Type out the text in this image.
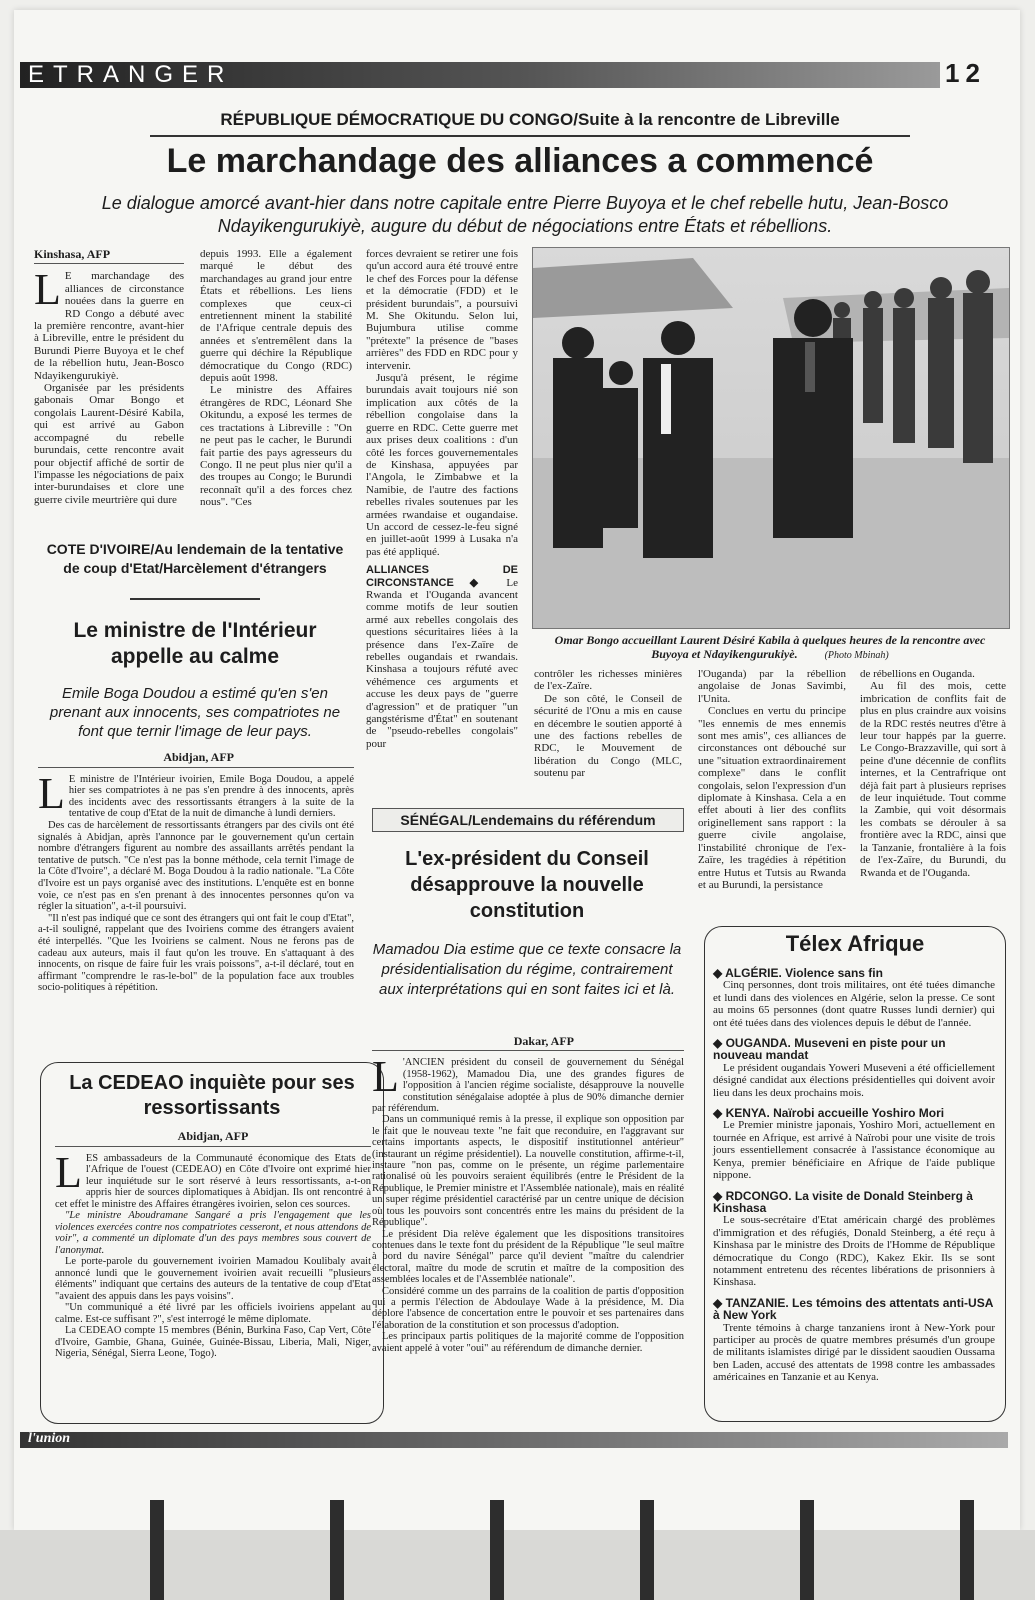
ETRANGER	12
RÉPUBLIQUE DÉMOCRATIQUE DU CONGO/Suite à la rencontre de Libreville
Le marchandage des alliances a commencé
Le dialogue amorcé avant-hier dans notre capitale entre Pierre Buyoya et le chef rebelle hutu, Jean-Bosco Ndayikengurukiyè, augure du début de négociations entre États et rébellions.
Kinshasa, AFP
L E marchandage des alliances de circonstance nouées dans la guerre en RD Congo a débuté avec la première rencontre, avant-hier à Libreville, entre le président du Burundi Pierre Buyoya et le chef de la rébellion hutu, Jean-Bosco Ndayikengurukiyè.

Organisée par les présidents gabonais Omar Bongo et congolais Laurent-Désiré Kabila, qui est arrivé au Gabon accompagné du rebelle burundais, cette rencontre avait pour objectif affiché de sortir de l'impasse les négociations de paix inter-burundaises et clore une guerre civile meurtrière qui dure

depuis 1993. Elle a également marqué le début des marchandages au grand jour entre États et rébellions. Les liens complexes que ceux-ci entretiennent minent la stabilité de l'Afrique centrale depuis des années et s'entremêlent dans la guerre qui déchire la République démocratique du Congo (RDC) depuis août 1998.

Le ministre des Affaires étrangères de RDC, Léonard She Okitundu, a exposé les termes de ces tractations à Libreville : "On ne peut pas le cacher, le Burundi fait partie des pays agresseurs du Congo. Il ne peut plus nier qu'il a des troupes au Congo; le Burundi reconnaît qu'il a des forces chez nous". "Ces

forces devraient se retirer une fois qu'un accord aura été trouvé entre le chef des Forces pour la défense et la démocratie (FDD) et le président burundais", a poursuivi M. She Okitundu. Selon lui, Bujumbura utilise comme "prétexte" la présence de "bases arrières" des FDD en RDC pour y intervenir.

Jusqu'à présent, le régime burundais avait toujours nié son implication aux côtés de la rébellion congolaise dans la guerre en RDC. Cette guerre met aux prises deux coalitions : d'un côté les forces gouvernementales de Kinshasa, appuyées par l'Angola, le Zimbabwe et la Namibie, de l'autre des factions rebelles rivales soutenues par les armées rwandaise et ougandaise. Un accord de cessez-le-feu signé en juillet-août 1999 à Lusaka n'a pas été appliqué.

ALLIANCES DE CIRCONSTANCE ◆ Le Rwanda et l'Ouganda avancent comme motifs de leur soutien armé aux rebelles congolais des questions sécuritaires liées à la présence dans l'ex-Zaïre de rebelles ougandais et rwandais. Kinshasa a toujours réfuté avec véhémence ces arguments et accuse les deux pays de "guerre d'agression" et de pratiquer "un gangstérisme d'État" en soutenant de "pseudo-rebelles congolais" pour

Omar Bongo accueillant Laurent Désiré Kabila à quelques heures de la rencontre avec Buyoya et Ndayikengurukiyè.	(Photo Mbinah)

contrôler les richesses minières de l'ex-Zaïre.

De son côté, le Conseil de sécurité de l'Onu a mis en cause en décembre le soutien apporté à une des factions rebelles de RDC, le Mouvement de libération du Congo (MLC, soutenu par

l'Ouganda) par la rébellion angolaise de Jonas Savimbi, l'Unita.

Conclues en vertu du principe "les ennemis de mes ennemis sont mes amis", ces alliances de circonstances ont débouché sur une "situation extraordinairement complexe" dans le conflit congolais, selon l'expression d'un diplomate à Kinshasa. Cela a en effet abouti à lier des conflits originellement sans rapport : la guerre civile angolaise, l'instabilité chronique de l'ex-Zaïre, les tragédies à répétition entre Hutus et Tutsis au Rwanda et au Burundi, la persistance

de rébellions en Ouganda.

Au fil des mois, cette imbrication de conflits fait de plus en plus craindre aux voisins de la RDC restés neutres d'être à leur tour happés par la guerre. Le Congo-Brazzaville, qui sort à peine d'une décennie de conflits internes, et la Centrafrique ont déjà fait part à plusieurs reprises de leur inquiétude. Tout comme la Zambie, qui voit désormais les combats se dérouler à sa frontière avec la RDC, ainsi que la Tanzanie, frontalière à la fois de l'ex-Zaïre, du Burundi, du Rwanda et de l'Ouganda.

COTE D'IVOIRE/Au lendemain de la tentative de coup d'Etat/Harcèlement d'étrangers
Le ministre de l'Intérieur appelle au calme
Emile Boga Doudou a estimé qu'en s'en prenant aux innocents, ses compatriotes ne font que ternir l'image de leur pays.
Abidjan, AFP
L E ministre de l'Intérieur ivoirien, Emile Boga Doudou, a appelé hier ses compatriotes à ne pas s'en prendre à des innocents, après des incidents avec des ressortissants étrangers à la suite de la tentative de coup d'Etat de la nuit de dimanche à lundi derniers.

Des cas de harcèlement de ressortissants étrangers par des civils ont été signalés à Abidjan, après l'annonce par le gouvernement qu'un certain nombre d'étrangers figurent au nombre des assaillants arrêtés pendant la tentative de putsch. "Ce n'est pas la bonne méthode, cela ternit l'image de la Côte d'Ivoire", a déclaré M. Boga Doudou à la radio nationale. "La Côte d'Ivoire est un pays organisé avec des institutions. L'enquête est en bonne voie, ce n'est pas en s'en prenant à des innocentes personnes qu'on va régler la situation", a-t-il poursuivi.

"Il n'est pas indiqué que ce sont des étrangers qui ont fait le coup d'Etat", a-t-il souligné, rappelant que des Ivoiriens comme des étrangers avaient été interpellés. "Que les Ivoiriens se calment. Nous ne ferons pas de cadeau aux auteurs, mais il faut qu'on les trouve. En s'attaquant à des innocents, on risque de faire fuir les vrais poissons", a-t-il déclaré, tout en affirmant "comprendre le ras-le-bol" de la population face aux troubles socio-politiques à répétition.

La CEDEAO inquiète pour ses ressortissants
Abidjan, AFP
L ES ambassadeurs de la Communauté économique des Etats de l'Afrique de l'ouest (CEDEAO) en Côte d'Ivoire ont exprimé hier leur inquiétude sur le sort réservé à leurs ressortissants, a-t-on appris hier de sources diplomatiques à Abidjan. Ils ont rencontré à cet effet le ministre des Affaires étrangères ivoirien, selon ces sources.

"Le ministre Aboudramane Sangaré a pris l'engagement que les violences exercées contre nos compatriotes cesseront, et nous attendons de voir", a commenté un diplomate d'un des pays membres sous couvert de l'anonymat.

Le porte-parole du gouvernement ivoirien Mamadou Koulibaly avait annoncé lundi que le gouvernement ivoirien avait recueilli "plusieurs éléments" indiquant que certains des auteurs de la tentative de coup d'Etat "avaient des appuis dans les pays voisins".

"Un communiqué a été livré par les officiels ivoiriens appelant au calme. Est-ce suffisant ?", s'est interrogé le même diplomate.

La CEDEAO compte 15 membres (Bénin, Burkina Faso, Cap Vert, Côte d'Ivoire, Gambie, Ghana, Guinée, Guinée-Bissau, Liberia, Mali, Niger, Nigeria, Sénégal, Sierra Leone, Togo).

SÉNÉGAL/Lendemains du référendum
L'ex-président du Conseil désapprouve la nouvelle constitution
Mamadou Dia estime que ce texte consacre la présidentialisation du régime, contrairement aux interprétations qui en sont faites ici et là.
Dakar, AFP
L 'ANCIEN président du conseil de gouvernement du Sénégal (1958-1962), Mamadou Dia, une des grandes figures de l'opposition à l'ancien régime socialiste, désapprouve la nouvelle constitution sénégalaise adoptée à plus de 90% dimanche dernier par référendum.

Dans un communiqué remis à la presse, il explique son opposition par le fait que le nouveau texte "ne fait que reconduire, en l'aggravant sur certains importants aspects, le dispositif institutionnel antérieur" (instaurant un régime présidentiel). La nouvelle constitution, affirme-t-il, instaure "non pas, comme on le présente, un régime parlementaire rationalisé où les pouvoirs seraient équilibrés (entre le Président de la République, le Premier ministre et l'Assemblée nationale), mais en réalité un super régime présidentiel caractérisé par un centre unique de décision où tous les pouvoirs sont concentrés entre les mains du président de la République".

Le président Dia relève également que les dispositions transitoires contenues dans le texte font du président de la République "le seul maître à bord du navire Sénégal" parce qu'il devient "maître du calendrier électoral, maître du mode de scrutin et maître de la composition des assemblées locales et de l'Assemblée nationale".

Considéré comme un des parrains de la coalition de partis d'opposition qui a permis l'élection de Abdoulaye Wade à la présidence, M. Dia déplore l'absence de concertation entre le pouvoir et ses partenaires dans l'élaboration de la constitution et son processus d'adoption.

Les principaux partis politiques de la majorité comme de l'opposition avaient appelé à voter "oui" au référendum de dimanche dernier.

Télex Afrique
◆ ALGÉRIE. Violence sans fin
Cinq personnes, dont trois militaires, ont été tuées dimanche et lundi dans des violences en Algérie, selon la presse. Ce sont au moins 65 personnes (dont quatre Russes lundi dernier) qui ont été tuées dans des violences depuis le début de l'année.
◆ OUGANDA. Museveni en piste pour un nouveau mandat
Le président ougandais Yoweri Museveni a été officiellement désigné candidat aux élections présidentielles qui doivent avoir lieu dans les deux prochains mois.
◆ KENYA. Naïrobi accueille Yoshiro Mori
Le Premier ministre japonais, Yoshiro Mori, actuellement en tournée en Afrique, est arrivé à Naïrobi pour une visite de trois jours essentiellement consacrée à l'assistance économique au Kenya, premier bénéficiaire en Afrique de l'aide publique nippone.
◆ RDCONGO. La visite de Donald Steinberg à Kinshasa
Le sous-secrétaire d'Etat américain chargé des problèmes d'immigration et des réfugiés, Donald Steinberg, a été reçu à Kinshasa par le ministre des Droits de l'Homme de République démocratique du Congo (RDC), Kakez Ekir. Ils se sont notamment entretenu des récentes libérations de prisonniers à Kinshasa.
◆ TANZANIE. Les témoins des attentats anti-USA à New York
Trente témoins à charge tanzaniens iront à New-York pour participer au procès de quatre membres présumés d'un groupe de militants islamistes dirigé par le dissident saoudien Oussama ben Laden, accusé des attentats de 1998 contre les ambassades américaines en Tanzanie et au Kenya.
l'union
